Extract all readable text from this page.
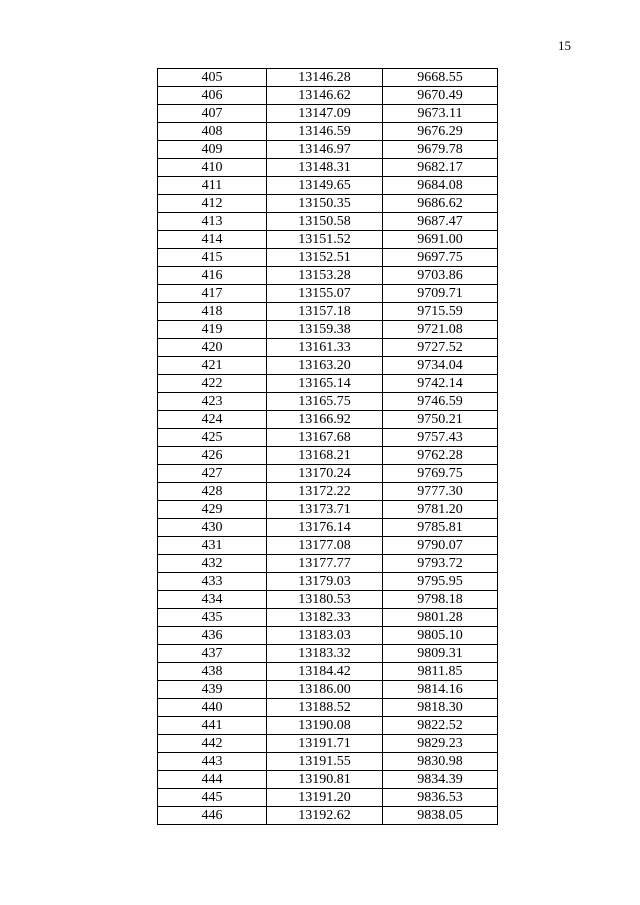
15
405	13146.28	9668.55
406	13146.62	9670.49
407	13147.09	9673.11
408	13146.59	9676.29
409	13146.97	9679.78
410	13148.31	9682.17
411	13149.65	9684.08
412	13150.35	9686.62
413	13150.58	9687.47
414	13151.52	9691.00
415	13152.51	9697.75
416	13153.28	9703.86
417	13155.07	9709.71
418	13157.18	9715.59
419	13159.38	9721.08
420	13161.33	9727.52
421	13163.20	9734.04
422	13165.14	9742.14
423	13165.75	9746.59
424	13166.92	9750.21
425	13167.68	9757.43
426	13168.21	9762.28
427	13170.24	9769.75
428	13172.22	9777.30
429	13173.71	9781.20
430	13176.14	9785.81
431	13177.08	9790.07
432	13177.77	9793.72
433	13179.03	9795.95
434	13180.53	9798.18
435	13182.33	9801.28
436	13183.03	9805.10
437	13183.32	9809.31
438	13184.42	9811.85
439	13186.00	9814.16
440	13188.52	9818.30
441	13190.08	9822.52
442	13191.71	9829.23
443	13191.55	9830.98
444	13190.81	9834.39
445	13191.20	9836.53
446	13192.62	9838.05
